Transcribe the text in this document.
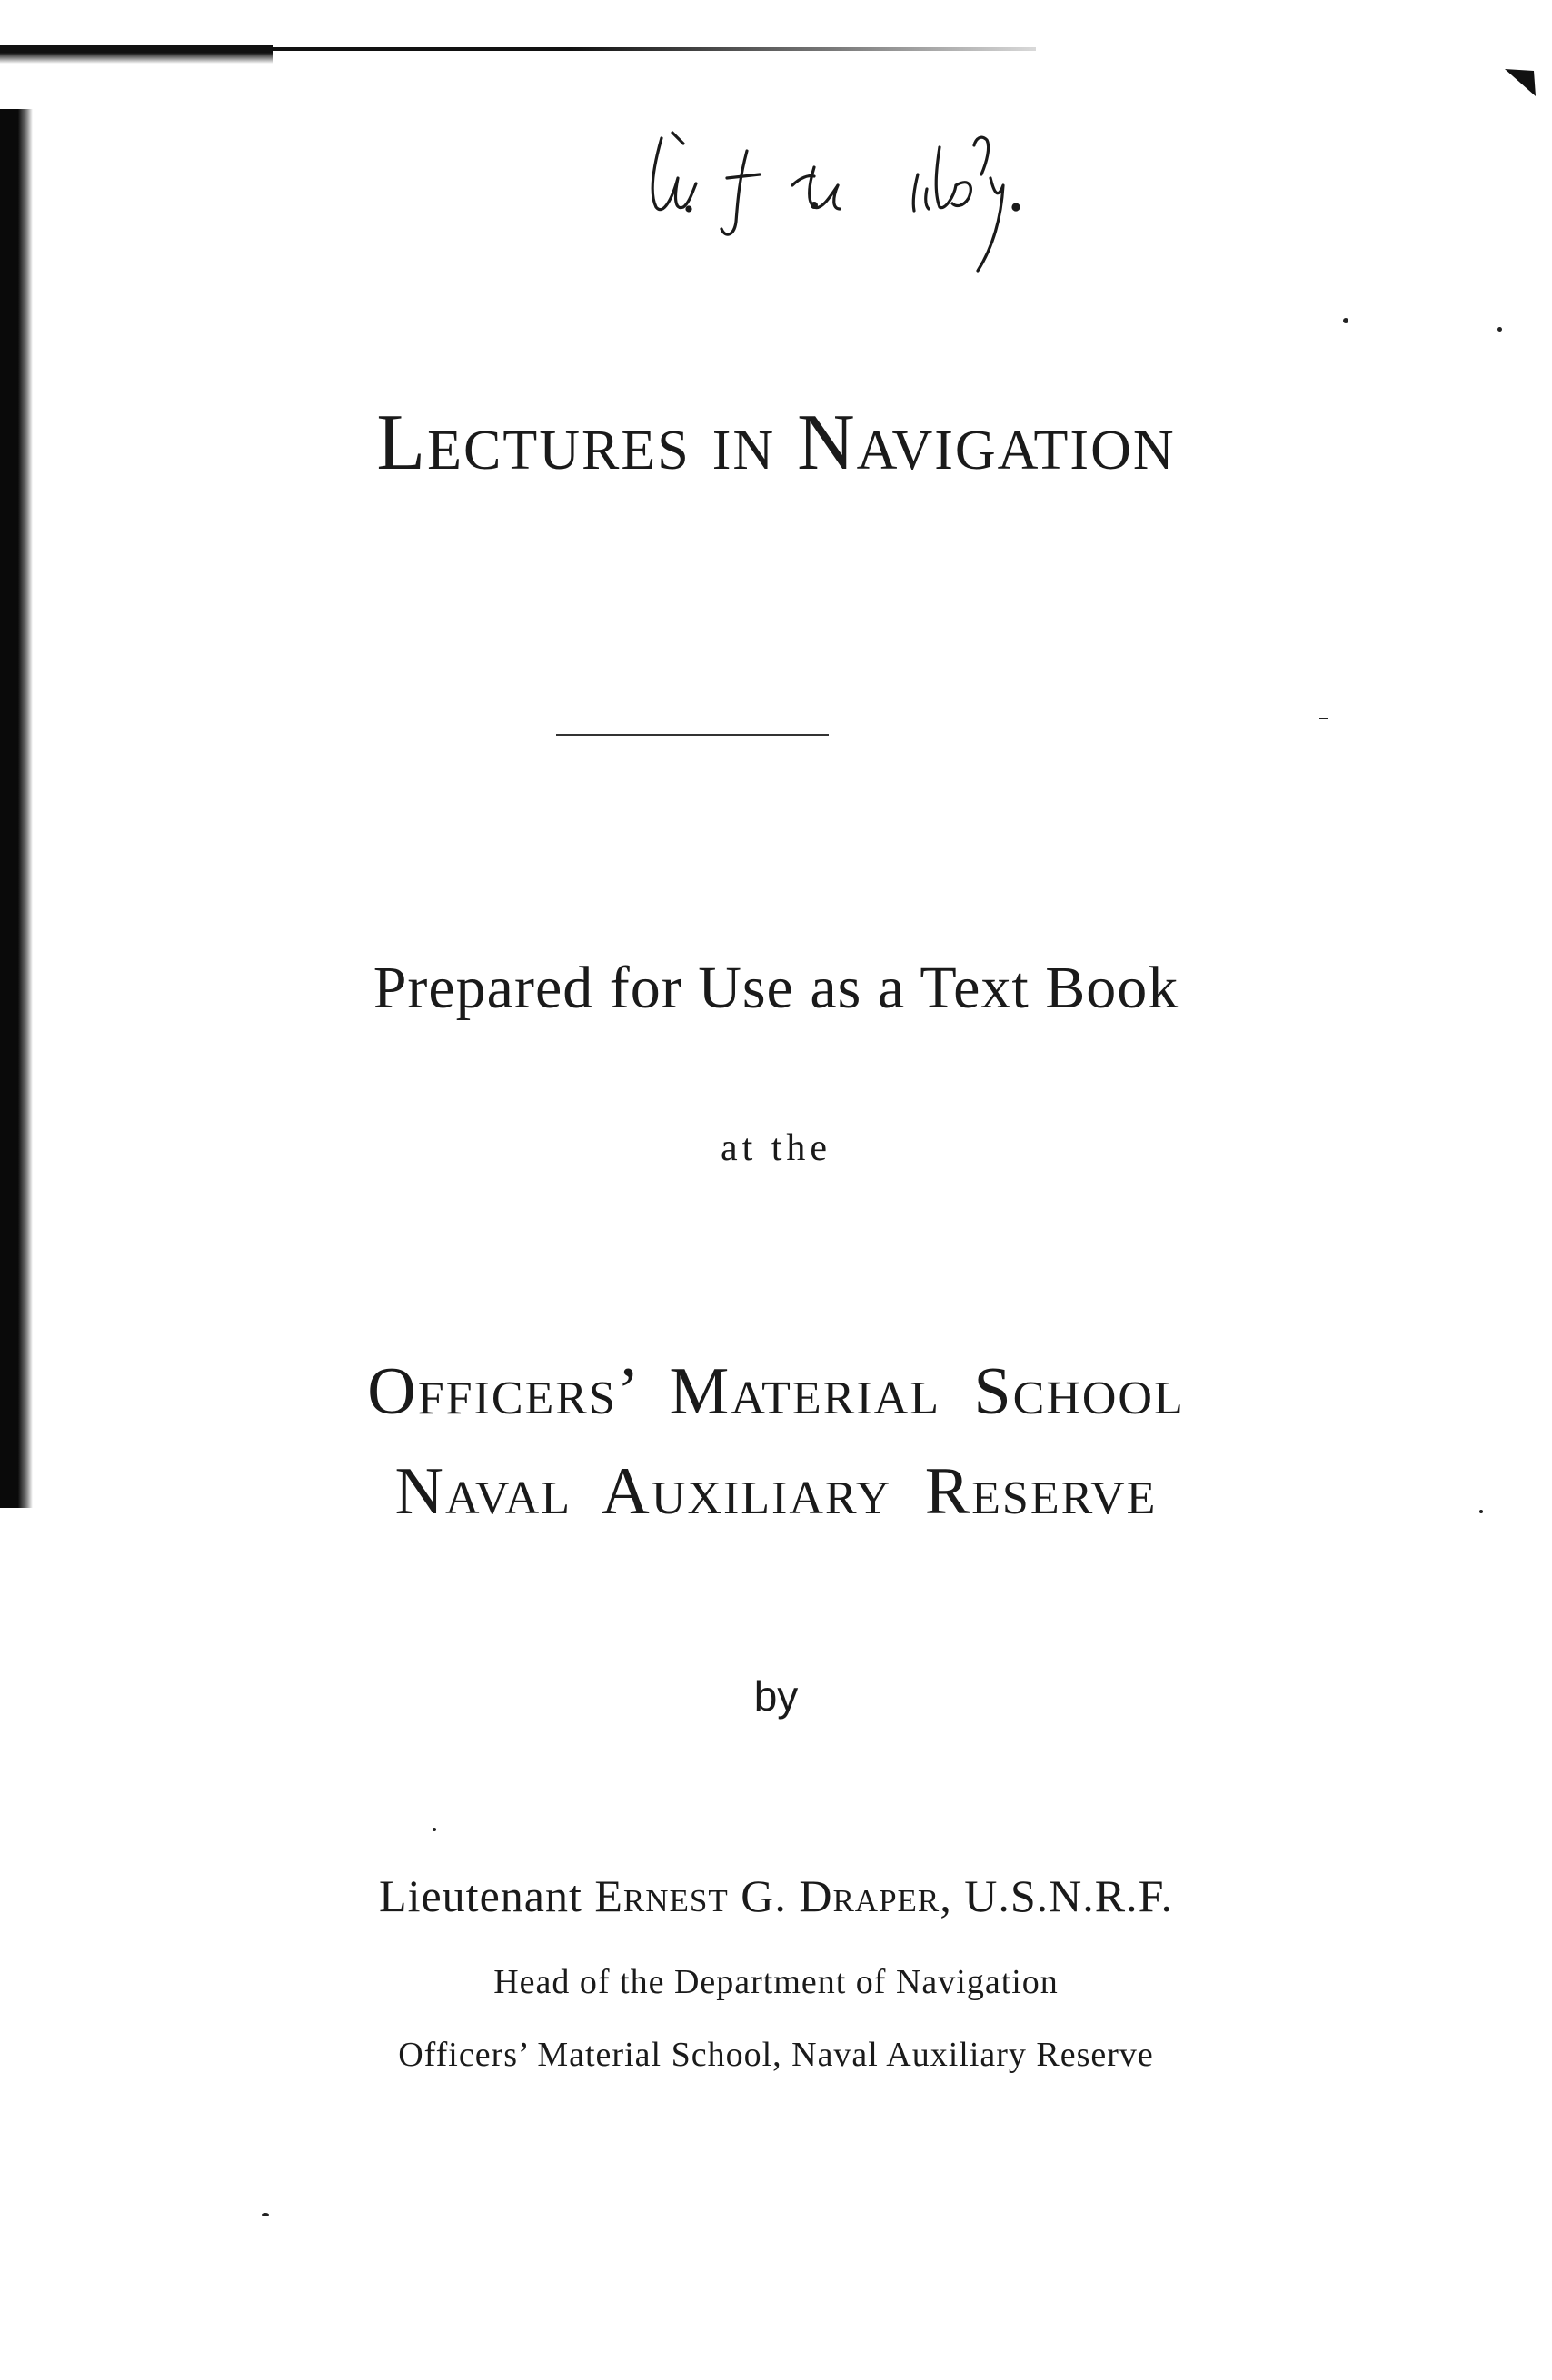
Lectures in Navigation
Prepared for Use as a Text Book
at the
Officers’ Material School
Naval Auxiliary Reserve
by
Lieutenant Ernest G. Draper, U.S.N.R.F.
Head of the Department of Navigation
Officers’ Material School, Naval Auxiliary Reserve
